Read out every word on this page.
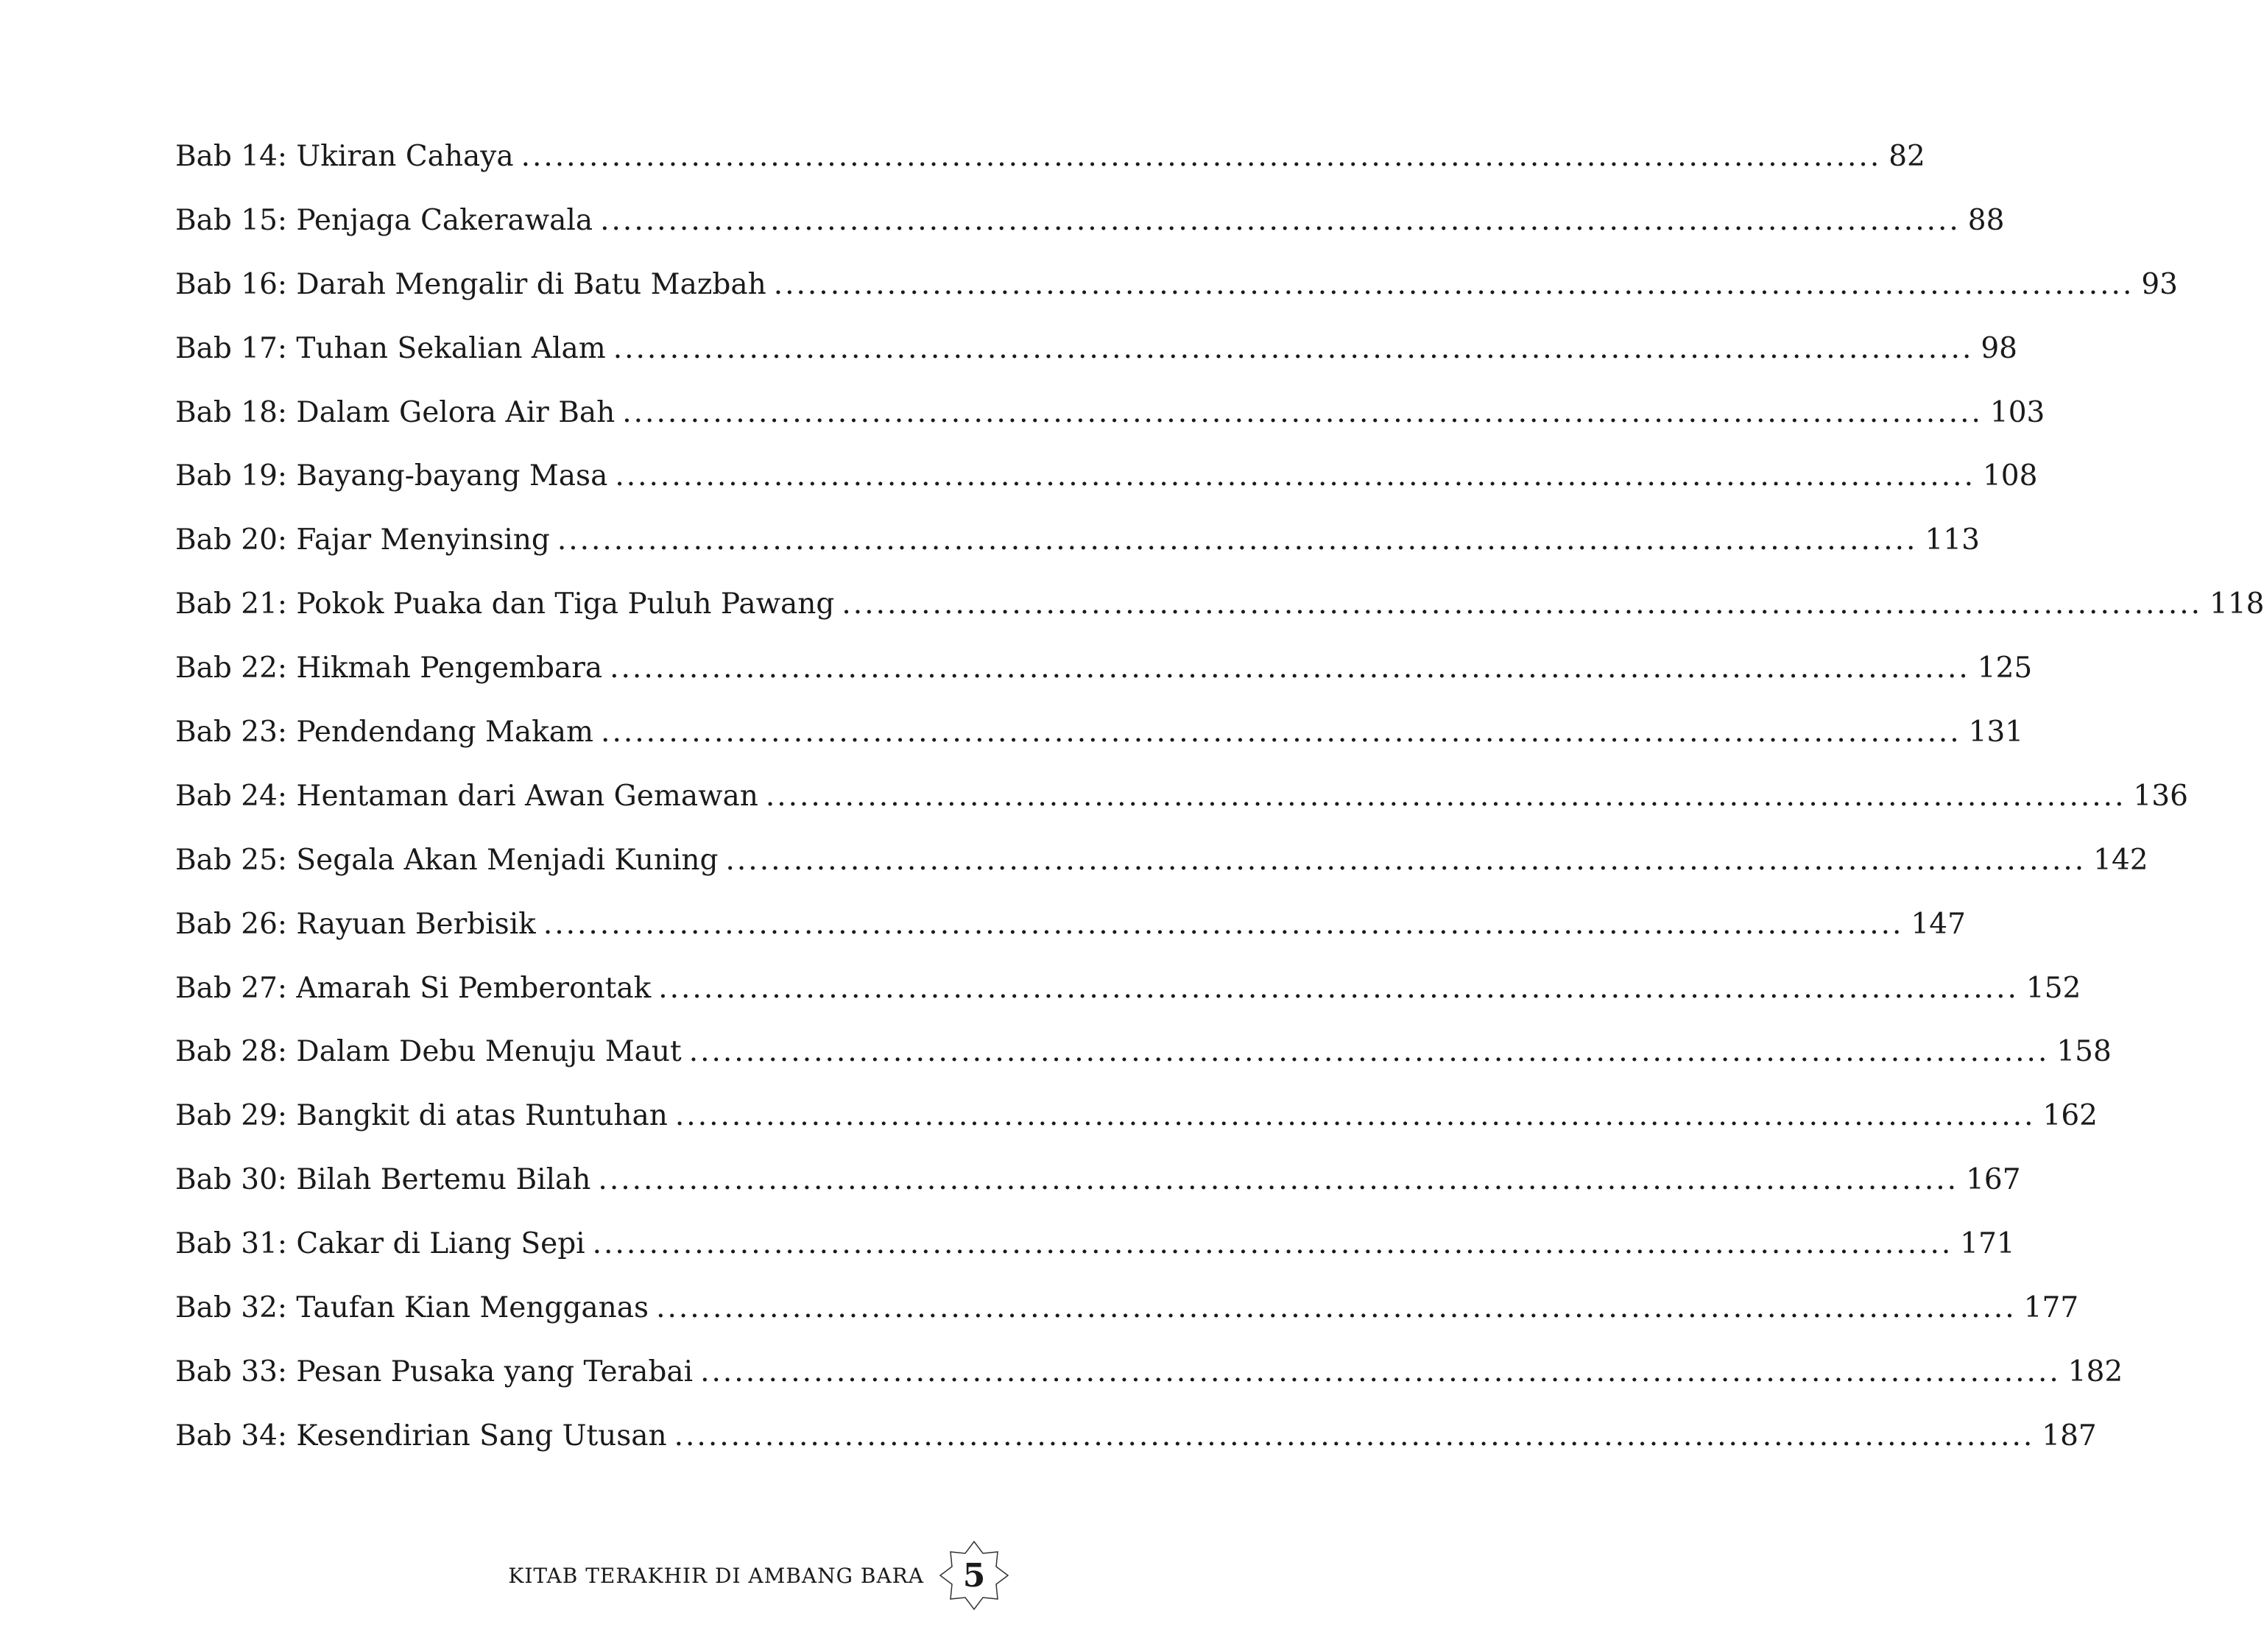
Bab 14: Ukiran Cahaya ........................................................................................................................ 82
Bab 15: Penjaga Cakerawala ........................................................................................................................ 88
Bab 16: Darah Mengalir di Batu Mazbah ........................................................................................................................ 93
Bab 17: Tuhan Sekalian Alam ........................................................................................................................ 98
Bab 18: Dalam Gelora Air Bah ........................................................................................................................ 103
Bab 19: Bayang-bayang Masa ........................................................................................................................ 108
Bab 20: Fajar Menyinsing ........................................................................................................................ 113
Bab 21: Pokok Puaka dan Tiga Puluh Pawang ........................................................................................................................ 118
Bab 22: Hikmah Pengembara ........................................................................................................................ 125
Bab 23: Pendendang Makam ........................................................................................................................ 131
Bab 24: Hentaman dari Awan Gemawan ........................................................................................................................ 136
Bab 25: Segala Akan Menjadi Kuning ........................................................................................................................ 142
Bab 26: Rayuan Berbisik ........................................................................................................................ 147
Bab 27: Amarah Si Pemberontak ........................................................................................................................ 152
Bab 28: Dalam Debu Menuju Maut ........................................................................................................................ 158
Bab 29: Bangkit di atas Runtuhan ........................................................................................................................ 162
Bab 30: Bilah Bertemu Bilah ........................................................................................................................ 167
Bab 31: Cakar di Liang Sepi ........................................................................................................................ 171
Bab 32: Taufan Kian Mengganas ........................................................................................................................ 177
Bab 33: Pesan Pusaka yang Terabai ........................................................................................................................ 182
Bab 34: Kesendirian Sang Utusan ........................................................................................................................ 187
KITAB TERAKHIR DI AMBANG BARA 5
